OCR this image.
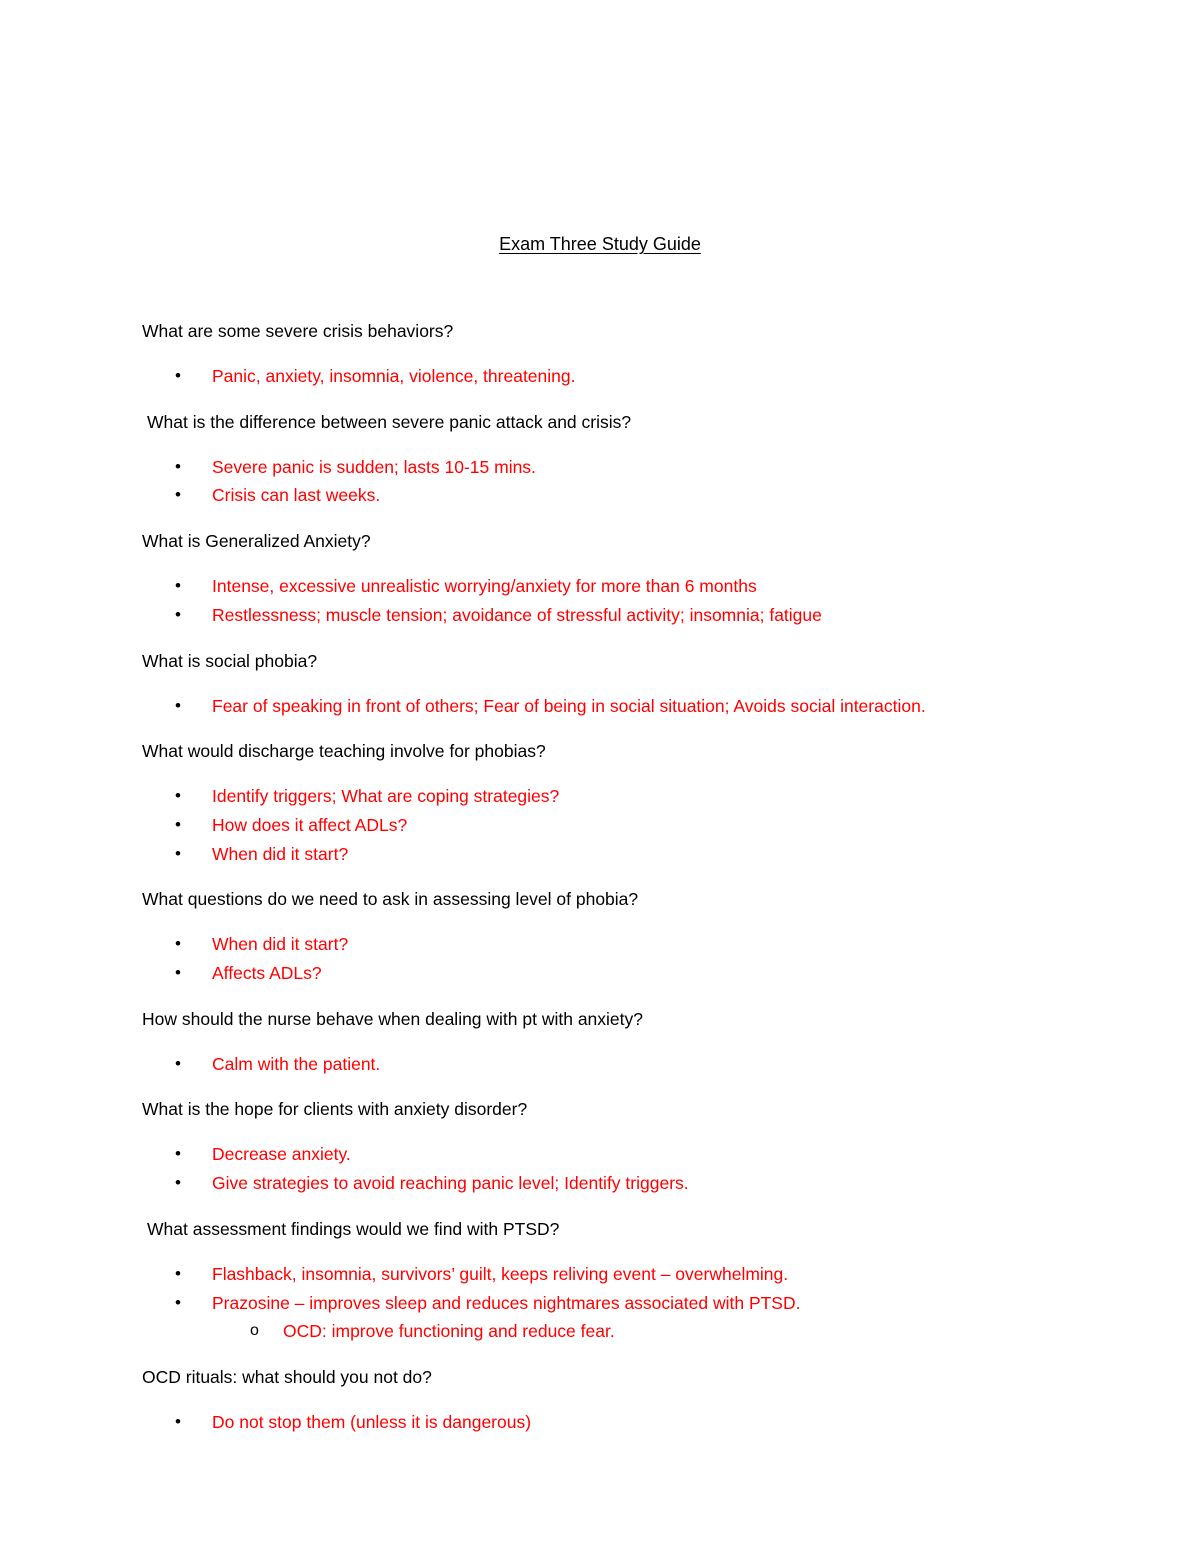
Exam Three Study Guide
What are some severe crisis behaviors?
• Panic, anxiety, insomnia, violence, threatening.
What is the difference between severe panic attack and crisis?
• Severe panic is sudden; lasts 10-15 mins.
• Crisis can last weeks.
What is Generalized Anxiety?
• Intense, excessive unrealistic worrying/anxiety for more than 6 months
• Restlessness; muscle tension; avoidance of stressful activity; insomnia; fatigue
What is social phobia?
• Fear of speaking in front of others; Fear of being in social situation; Avoids social interaction.
What would discharge teaching involve for phobias?
• Identify triggers; What are coping strategies?
• How does it affect ADLs?
• When did it start?
What questions do we need to ask in assessing level of phobia?
• When did it start?
• Affects ADLs?
How should the nurse behave when dealing with pt with anxiety?
• Calm with the patient.
What is the hope for clients with anxiety disorder?
• Decrease anxiety.
• Give strategies to avoid reaching panic level; Identify triggers.
What assessment findings would we find with PTSD?
• Flashback, insomnia, survivors’ guilt, keeps reliving event – overwhelming.
• Prazosine – improves sleep and reduces nightmares associated with PTSD.
o OCD: improve functioning and reduce fear.
OCD rituals: what should you not do?
• Do not stop them (unless it is dangerous)
